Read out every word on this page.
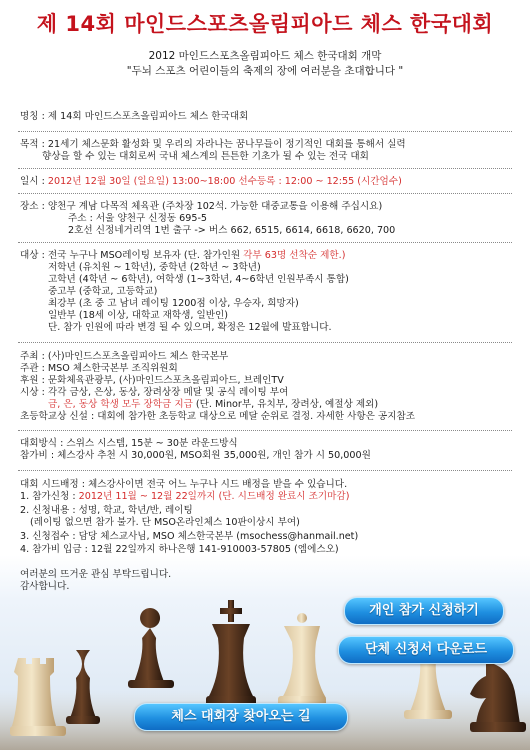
제 14회 마인드스포츠올림피아드 체스 한국대회
2012 마인드스포츠올림피아드 체스 한국대회 개막
"두뇌 스포츠 어린이들의 축제의 장에 여러분을 초대합니다 "
명칭 : 제 14회 마인드스포츠올림피아드 체스 한국대회
목적 : 21세기 체스문화 활성화 및 우리의 자라나는 꿈나무들이 정기적인 대회를 통해서 실력
향상을 할 수 있는 대회로써 국내 체스계의 튼튼한 기초가 될 수 있는 전국 대회
일시 : 2012년 12월 30일 (일요일) 13:00~18:00 선수등록 : 12:00 ~ 12:55 (시간엄수)
장소 : 양천구 계남 다목적 체육관 (주차장 102석. 가능한 대중교통을 이용해 주십시요)
주소 : 서울 양천구 신정동 695-5
2호선 신정네거리역 1번 출구 -> 버스 662, 6515, 6614, 6618, 6620, 700
대상 : 전국 누구나 MSO레이팅 보유자 (단. 참가인원 각부 63명 선착순 제한.)
저학년 (유치원 ~ 1학년), 중학년 (2학년 ~ 3학년)
고학년 (4학년 ~ 6학년), 여학생 (1~3학년, 4~6학년 인원부족시 통합)
중고부 (중학교, 고등학교)
최강부 (초 중 고 남녀 레이팅 1200점 이상, 우승자, 희망자)
일반부 (18세 이상, 대학교 재학생, 일반인)
단. 참가 인원에 따라 변경 될 수 있으며, 확정은 12월에 발표합니다.
주최 : (사)마인드스포츠올림피아드 체스 한국본부
주관 : MSO 체스한국본부 조직위원회
후원 : 문화체육관광부, (사)마인드스포츠올림피아드, 브레인TV
시상 : 각각 금상, 은상, 동상, 장려상장 메달 및 공식 레이팅 부여
금, 은, 동상 학생 모두 장학금 지급 (단. Minor부, 유치부, 장려상, 예절상 제외)
초등학교상 신설 : 대회에 참가한 초등학교 대상으로 메달 순위로 결정. 자세한 사항은 공지참조
대회방식 : 스위스 시스템, 15분 ~ 30분 라운드방식
참가비 : 체스강사 추천 시 30,000원, MSO회원 35,000원, 개인 참가 시 50,000원
대회 시드배정 : 체스강사이면 전국 어느 누구나 시드 배정을 받을 수 있습니다.
1. 참가신청 : 2012년 11월 ~ 12월 22일까지 (단. 시드배정 완료시 조기마감)
2. 신청내용 : 성명, 학교, 학년/반, 레이팅
(레이팅 없으면 참가 불가. 단 MSO온라인체스 10판이상시 부여)
3. 신청접수 : 담당 체스교사님, MSO 체스한국본부 (msochess@hanmail.net)
4. 참가비 입금 : 12월 22일까지 하나은행 141-910003-57805 (엠에스오)
여러분의 뜨거운 관심 부탁드립니다.
감사합니다.
개인 참가 신청하기
단체 신청서 다운로드
체스 대회장 찾아오는 길
